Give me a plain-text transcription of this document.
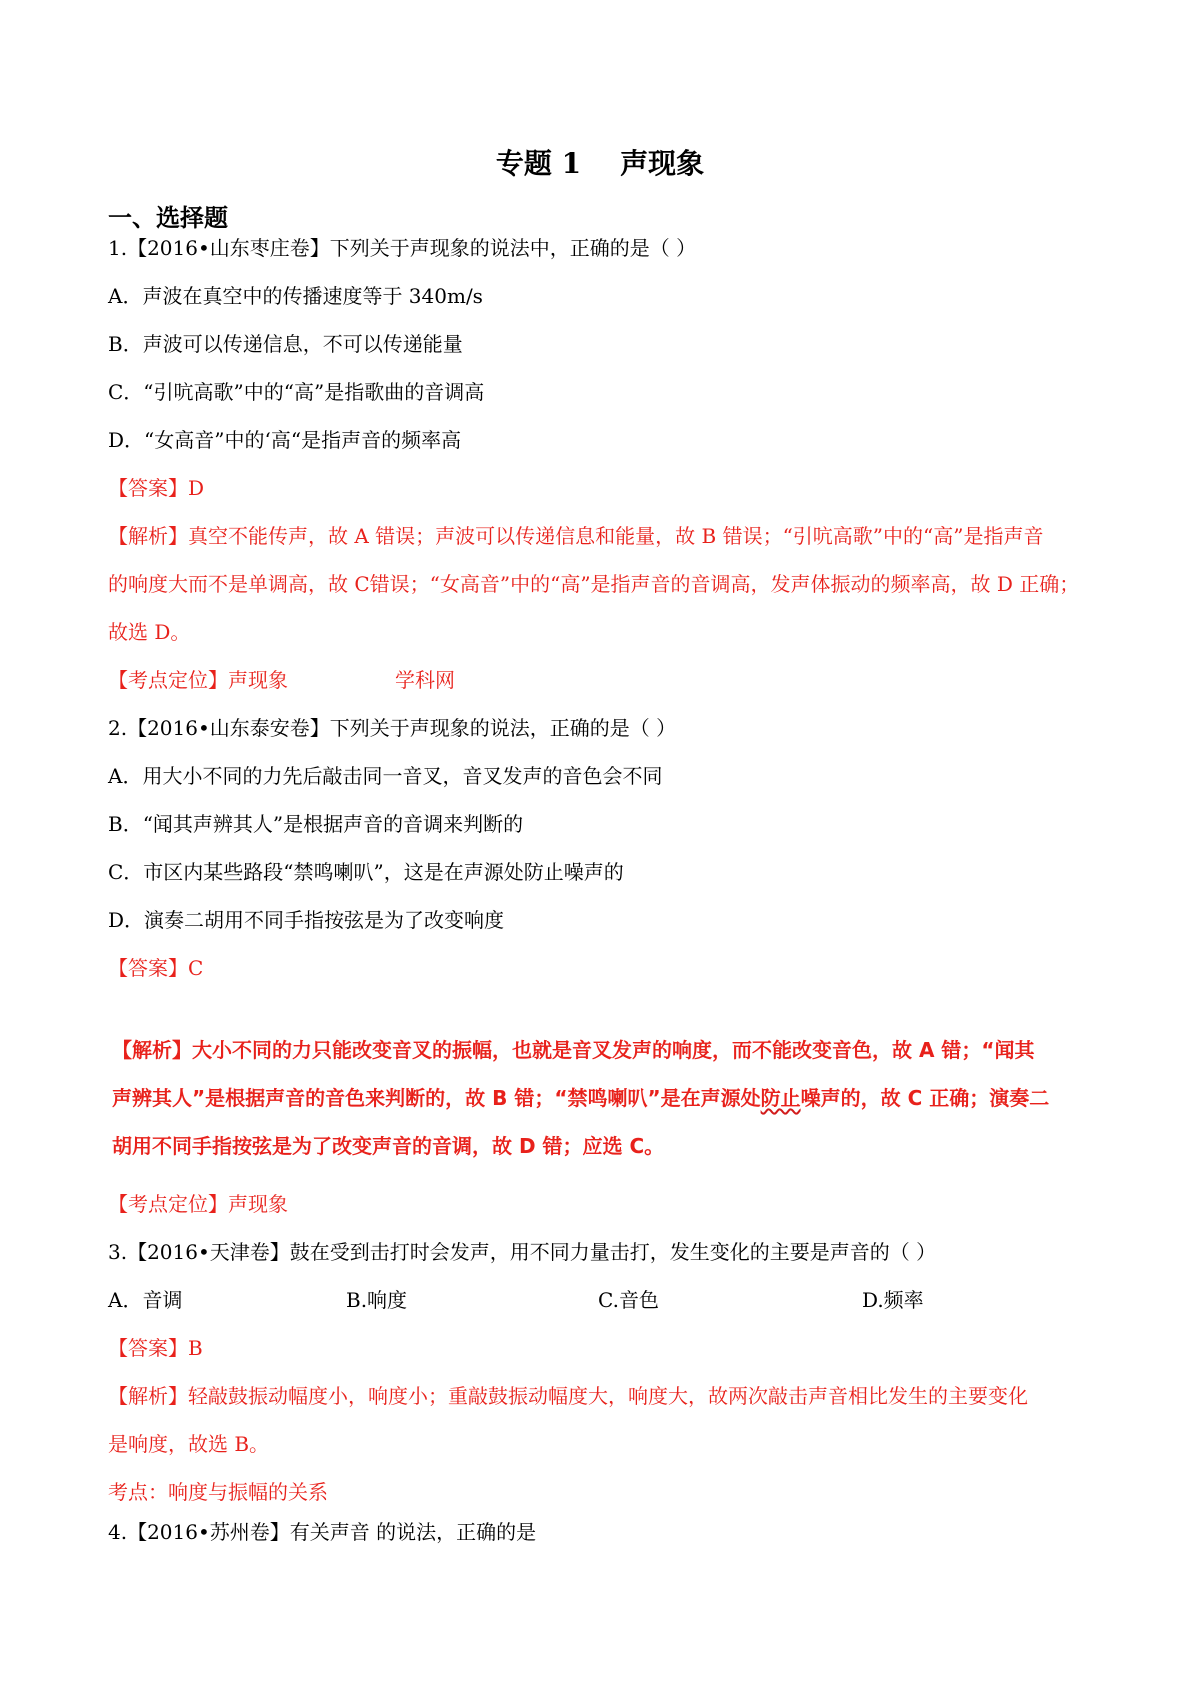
专题 1    声现象
一、选择题
1.【2016•山东枣庄卷】下列关于声现象的说法中，正确的是（ ）
A．声波在真空中的传播速度等于 340m/s
B．声波可以传递信息，不可以传递能量
C．“引吭高歌”中的“高”是指歌曲的音调高
D．“女高音”中的‘高“是指声音的频率高
【答案】D
【解析】真空不能传声，故 A 错误；声波可以传递信息和能量，故 B 错误；“引吭高歌”中的“高”是指声音
的响度大而不是单调高，故 C错误；“女高音”中的“高”是指声音的音调高，发声体振动的频率高，故 D 正确；
故选 D。
【考点定位】声现象	学科网
2.【2016•山东泰安卷】下列关于声现象的说法，正确的是（ ）
A．用大小不同的力先后敲击同一音叉，音叉发声的音色会不同
B．“闻其声辨其人”是根据声音的音调来判断的
C．市区内某些路段“禁鸣喇叭”，这是在声源处防止噪声的
D．演奏二胡用不同手指按弦是为了改变响度
【答案】C
【解析】大小不同的力只能改变音叉的振幅，也就是音叉发声的响度，而不能改变音色，故 A 错；“闻其
声辨其人”是根据声音的音色来判断的，故 B 错；“禁鸣喇叭”是在声源处防止噪声的，故 C 正确；演奏二
胡用不同手指按弦是为了改变声音的音调，故 D 错；应选 C。
【考点定位】声现象
3.【2016•天津卷】鼓在受到击打时会发声，用不同力量击打，发生变化的主要是声音的（ ）
A．音调	B.响度	C.音色	D.频率
【答案】B
【解析】轻敲鼓振动幅度小，响度小；重敲鼓振动幅度大，响度大，故两次敲击声音相比发生的主要变化
是响度，故选 B。
考点：响度与振幅的关系
4.【2016•苏州卷】有关声音 的说法，正确的是
